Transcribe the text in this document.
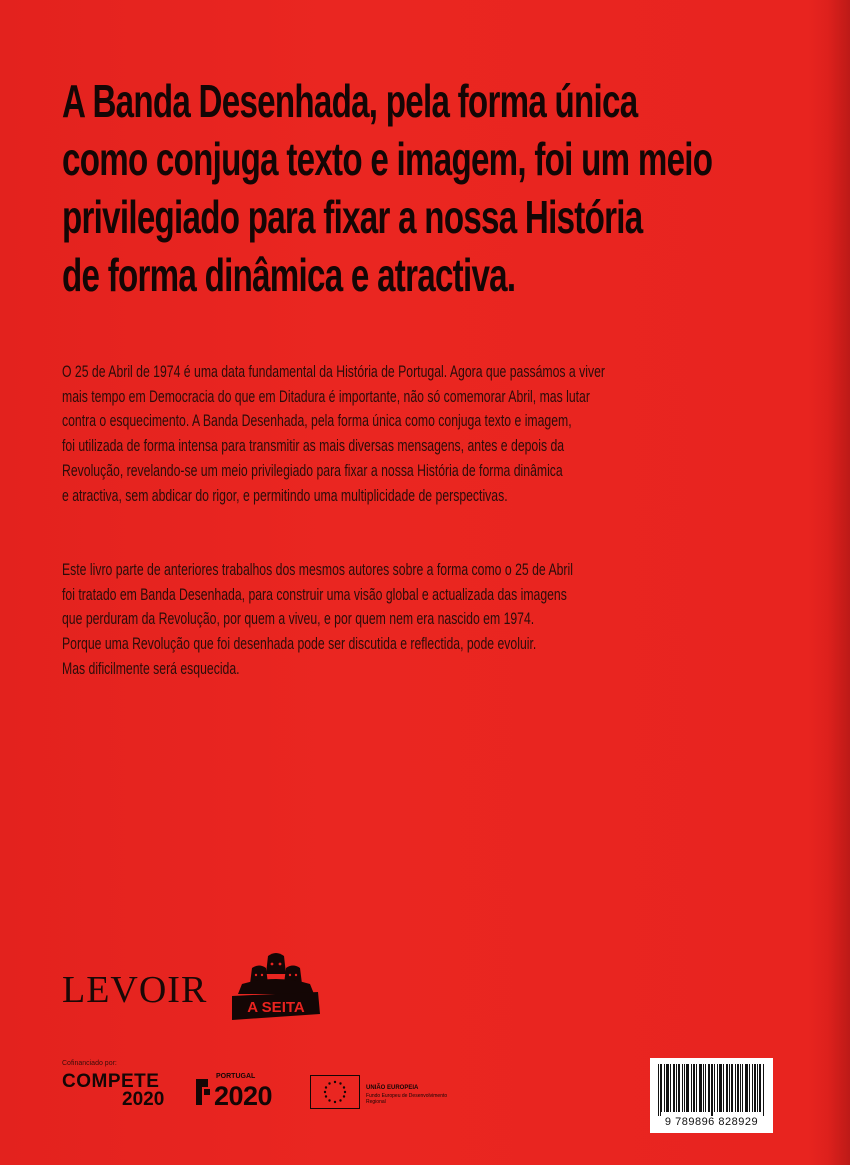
A Banda Desenhada, pela forma única
como conjuga texto e imagem, foi um meio
privilegiado para fixar a nossa História
de forma dinâmica e atractiva.
O 25 de Abril de 1974 é uma data fundamental da História de Portugal. Agora que passámos a viver
mais tempo em Democracia do que em Ditadura é importante, não só comemorar Abril, mas lutar
contra o esquecimento. A Banda Desenhada, pela forma única como conjuga texto e imagem,
foi utilizada de forma intensa para transmitir as mais diversas mensagens, antes e depois da
Revolução, revelando-se um meio privilegiado para fixar a nossa História de forma dinâmica
e atractiva, sem abdicar do rigor, e permitindo uma multiplicidade de perspectivas.
Este livro parte de anteriores trabalhos dos mesmos autores sobre a forma como o 25 de Abril
foi tratado em Banda Desenhada, para construir uma visão global e actualizada das imagens
que perduram da Revolução, por quem a viveu, e por quem nem era nascido em 1974.
Porque uma Revolução que foi desenhada pode ser discutida e reflectida, pode evoluir.
Mas dificilmente será esquecida.
LEVOIR	A SEITA
Cofinanciado por:
COMPETE
2020
PORTUGAL
2020	UNIÃO EUROPEIA
Fundo Europeu de Desenvolvimento Regional
9 789896 828929
